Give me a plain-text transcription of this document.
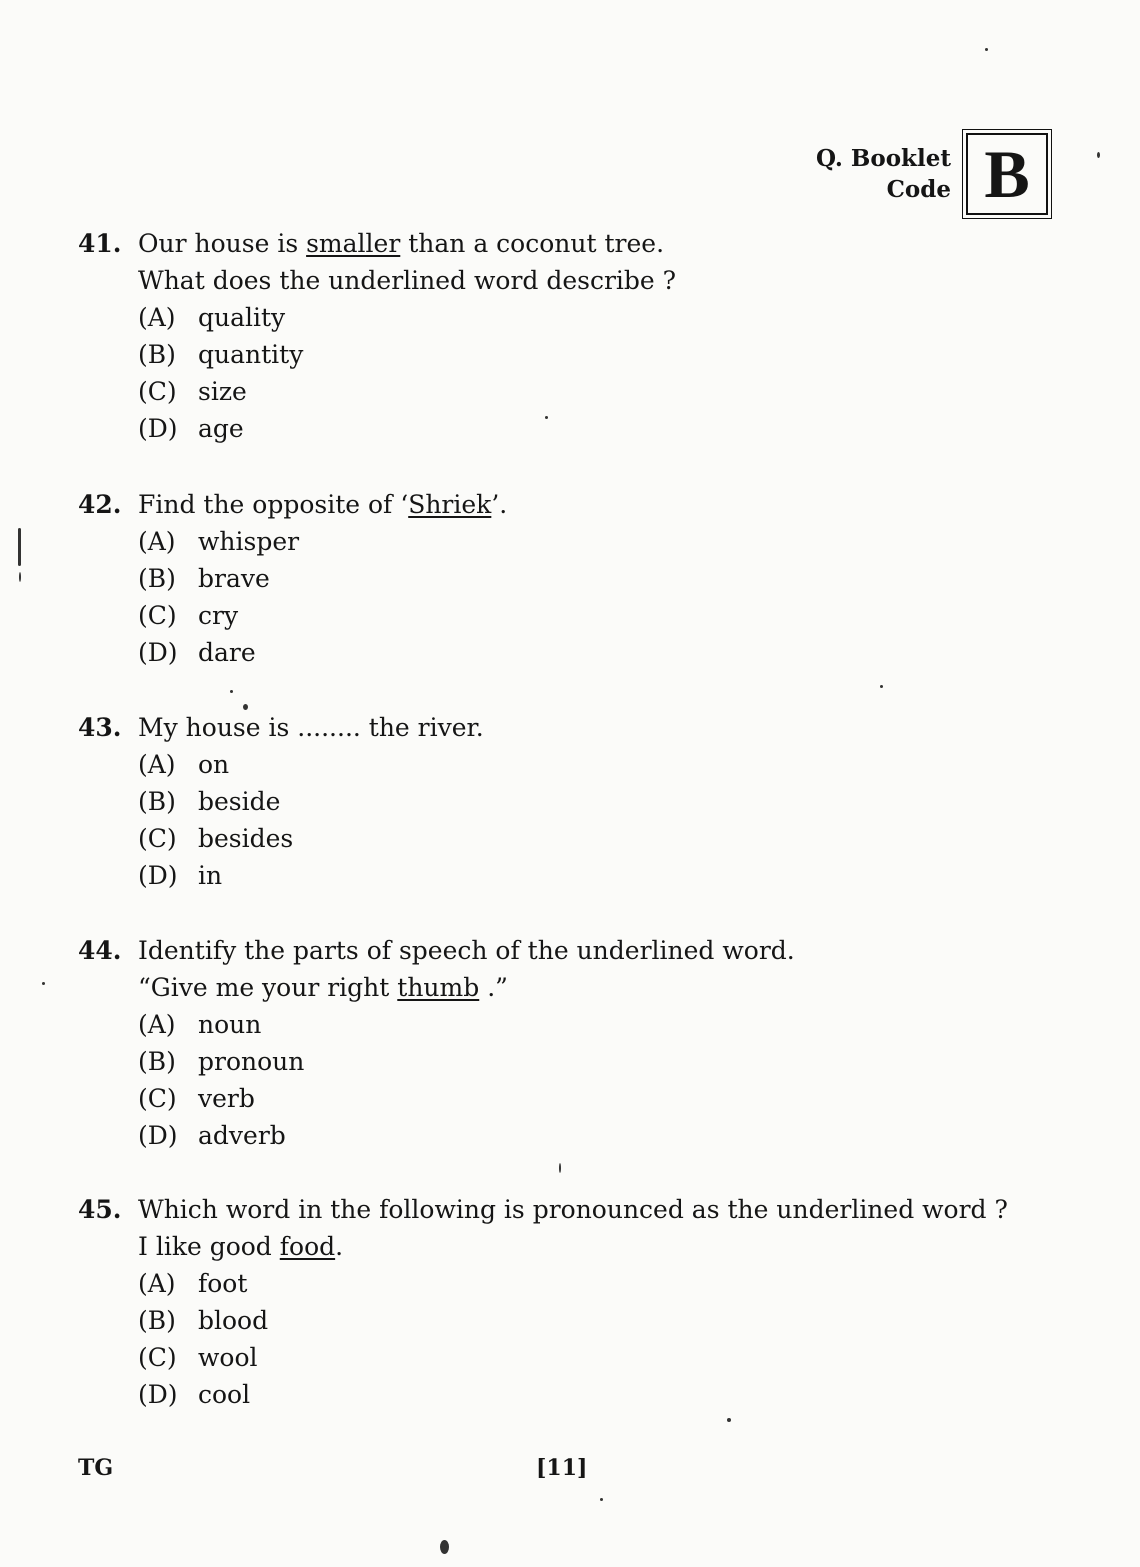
Q. Booklet
Code B
41. Our house is smaller than a coconut tree.
What does the underlined word describe ?
(A) quality
(B) quantity
(C) size
(D) age
42. Find the opposite of ‘Shriek’.
(A) whisper
(B) brave
(C) cry
(D) dare
43. My house is ........ the river.
(A) on
(B) beside
(C) besides
(D) in
44. Identify the parts of speech of the underlined word.
“Give me your right thumb .”
(A) noun
(B) pronoun
(C) verb
(D) adverb
45. Which word in the following is pronounced as the underlined word ?
I like good food.
(A) foot
(B) blood
(C) wool
(D) cool
TG	[11]
